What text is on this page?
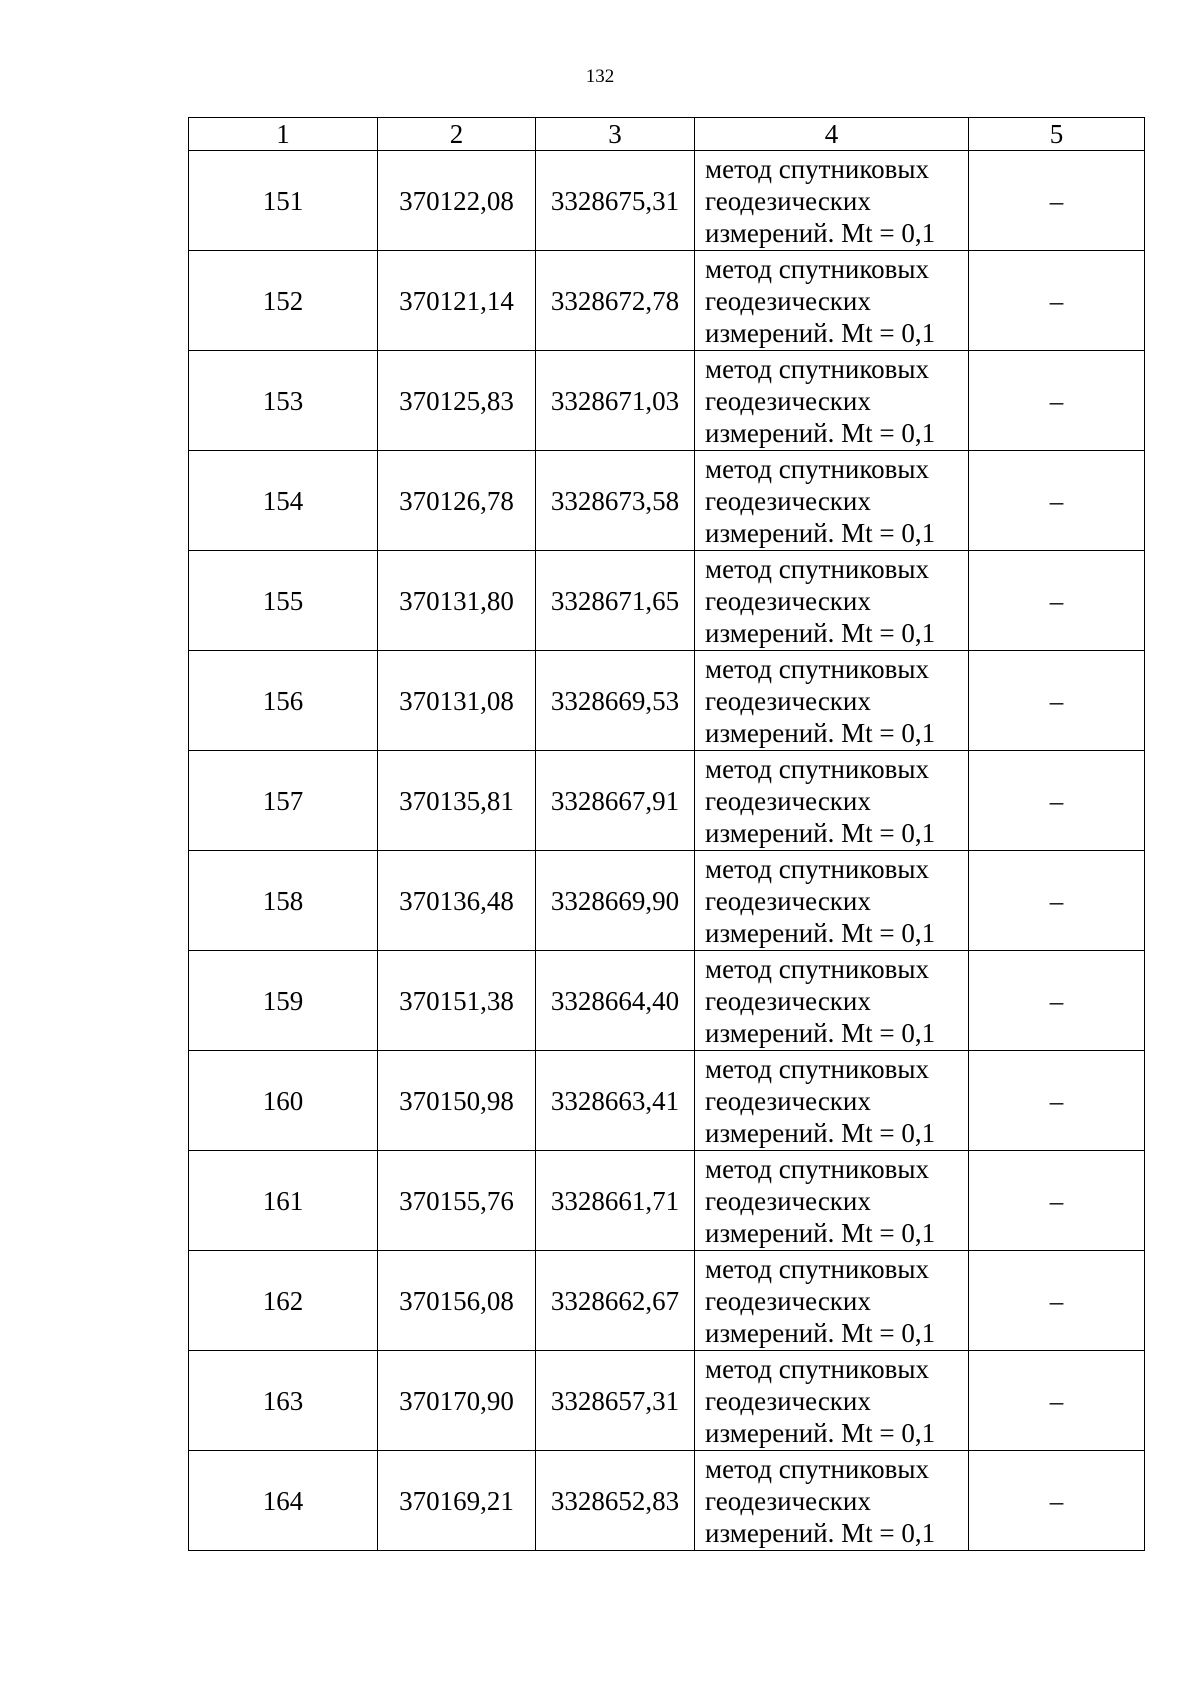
132
1	2	3	4	5
151	370122,08	3328675,31	метод спутниковых
геодезических
измерений. Mt = 0,1	–
152	370121,14	3328672,78	метод спутниковых
геодезических
измерений. Mt = 0,1	–
153	370125,83	3328671,03	метод спутниковых
геодезических
измерений. Mt = 0,1	–
154	370126,78	3328673,58	метод спутниковых
геодезических
измерений. Mt = 0,1	–
155	370131,80	3328671,65	метод спутниковых
геодезических
измерений. Mt = 0,1	–
156	370131,08	3328669,53	метод спутниковых
геодезических
измерений. Mt = 0,1	–
157	370135,81	3328667,91	метод спутниковых
геодезических
измерений. Mt = 0,1	–
158	370136,48	3328669,90	метод спутниковых
геодезических
измерений. Mt = 0,1	–
159	370151,38	3328664,40	метод спутниковых
геодезических
измерений. Mt = 0,1	–
160	370150,98	3328663,41	метод спутниковых
геодезических
измерений. Mt = 0,1	–
161	370155,76	3328661,71	метод спутниковых
геодезических
измерений. Mt = 0,1	–
162	370156,08	3328662,67	метод спутниковых
геодезических
измерений. Mt = 0,1	–
163	370170,90	3328657,31	метод спутниковых
геодезических
измерений. Mt = 0,1	–
164	370169,21	3328652,83	метод спутниковых
геодезических
измерений. Mt = 0,1	–
